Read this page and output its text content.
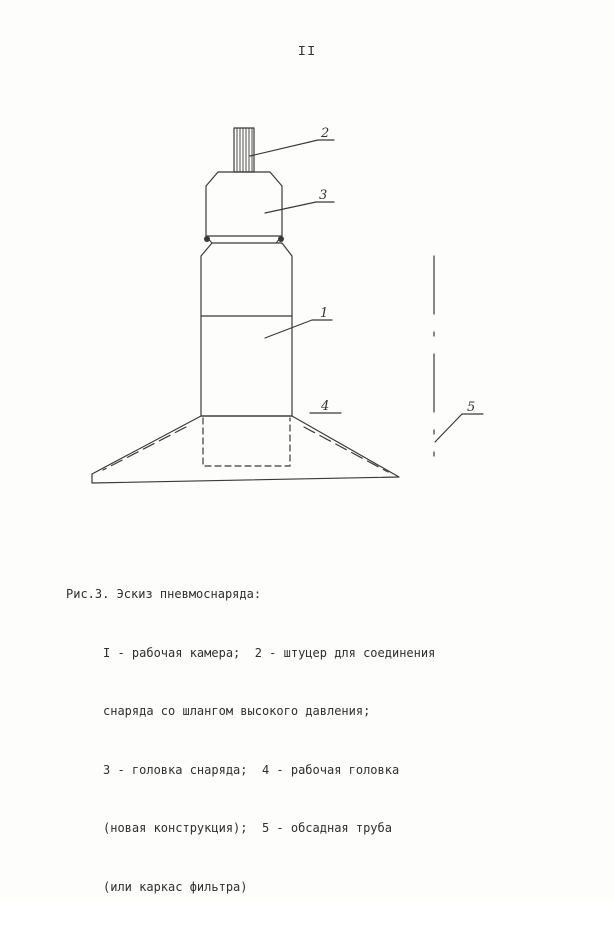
II
2
3
1
4	5

Рис.3. Эскиз пневмоснаряда:

I - рабочая камера;  2 - штуцер для соединения

снаряда со шлангом высокого давления;

3 - головка снаряда;  4 - рабочая головка

(новая конструкция);  5 - обсадная труба

(или каркас фильтра)
